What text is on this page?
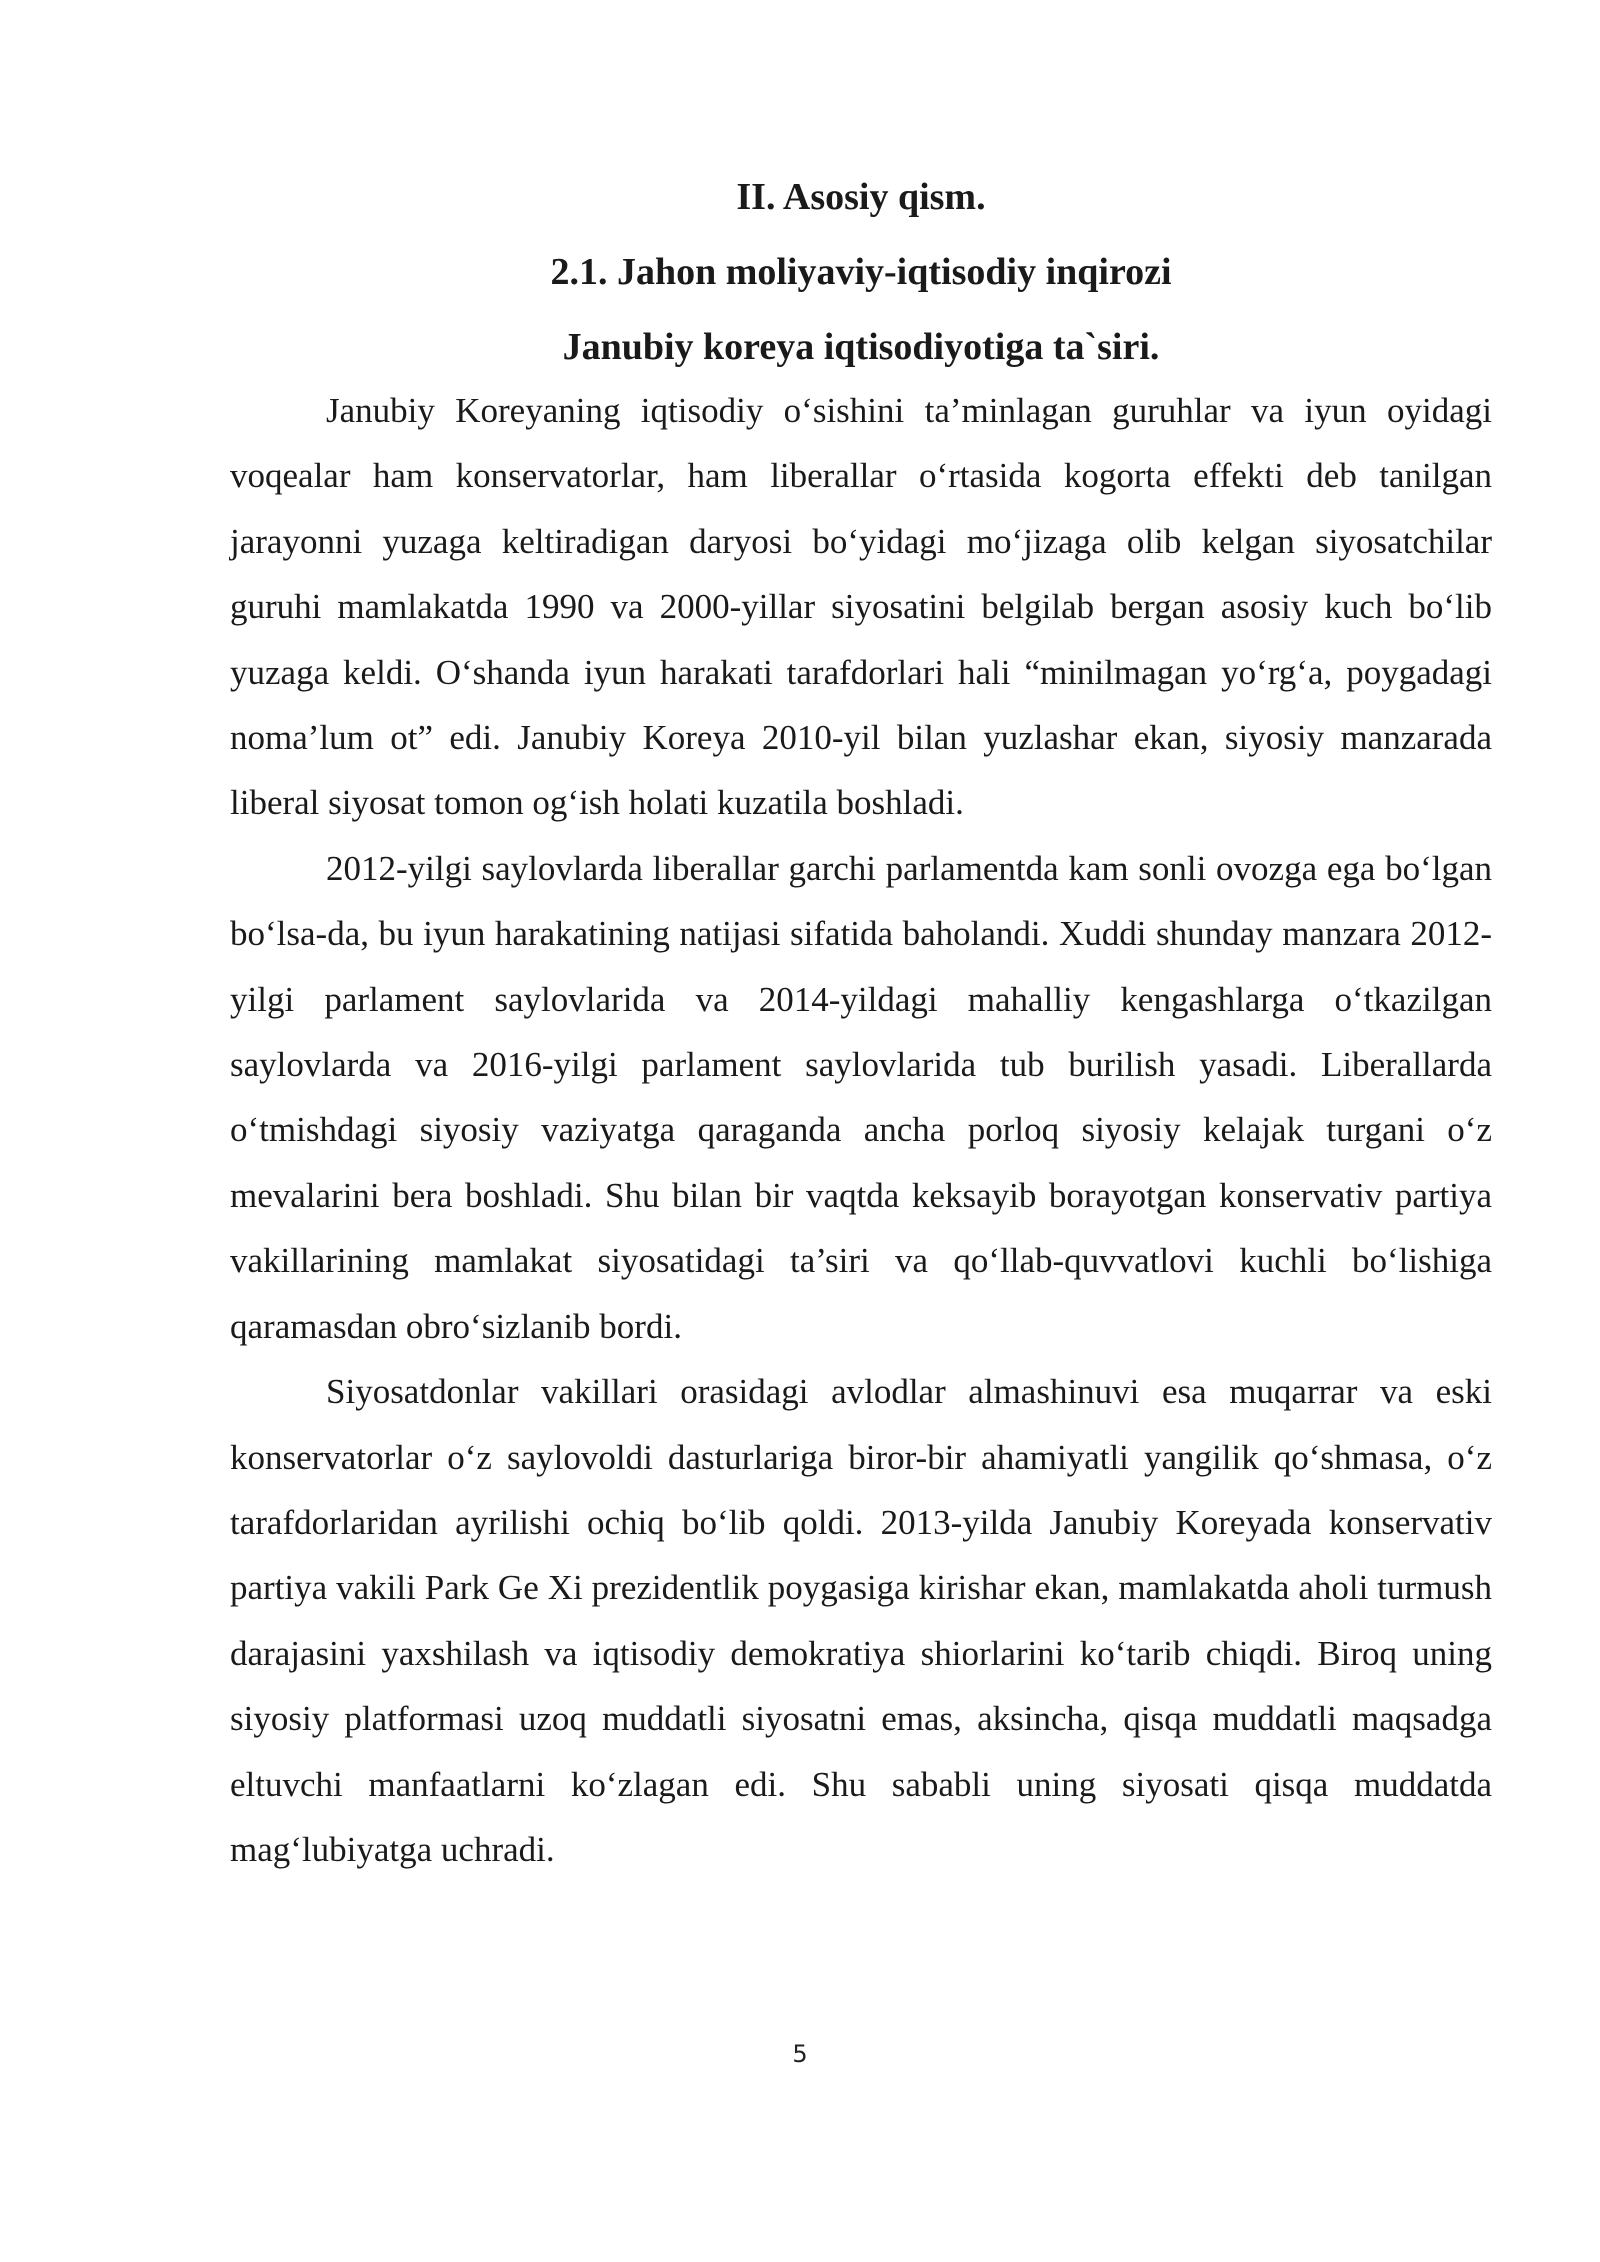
II. Asosiy qism.
2.1. Jahon moliyaviy-iqtisodiy inqirozi
Janubiy koreya iqtisodiyotiga ta`siri.

Janubiy Koreyaning iqtisodiy o‘sishini ta’minlagan guruhlar va iyun oyidagi voqealar ham konservatorlar, ham liberallar o‘rtasida kogorta effekti deb tanilgan jarayonni yuzaga keltiradigan daryosi bo‘yidagi mo‘jizaga olib kelgan siyosatchilar guruhi mamlakatda 1990 va 2000-yillar siyosatini belgilab bergan asosiy kuch bo‘lib yuzaga keldi. O‘shanda iyun harakati tarafdorlari hali “minilmagan yo‘rg‘a, poygadagi noma’lum ot” edi. Janubiy Koreya 2010-yil bilan yuzlashar ekan, siyosiy manzarada liberal siyosat tomon og‘ish holati kuzatila boshladi.

2012-yilgi saylovlarda liberallar garchi parlamentda kam sonli ovozga ega bo‘lgan bo‘lsa-da, bu iyun harakatining natijasi sifatida baholandi. Xuddi shunday manzara 2012-yilgi parlament saylovlarida va 2014-yildagi mahalliy kengashlarga o‘tkazilgan saylovlarda va 2016-yilgi parlament saylovlarida tub burilish yasadi. Liberallarda o‘tmishdagi siyosiy vaziyatga qaraganda ancha porloq siyosiy kelajak turgani o‘z mevalarini bera boshladi. Shu bilan bir vaqtda keksayib borayotgan konservativ partiya vakillarining mamlakat siyosatidagi ta’siri va qo‘llab-quvvatlovi kuchli bo‘lishiga qaramasdan obro‘sizlanib bordi.

Siyosatdonlar vakillari orasidagi avlodlar almashinuvi esa muqarrar va eski konservatorlar o‘z saylovoldi dasturlariga biror-bir ahamiyatli yangilik qo‘shmasa, o‘z tarafdorlaridan ayrilishi ochiq bo‘lib qoldi. 2013-yilda Janubiy Koreyada konservativ partiya vakili Park Ge Xi prezidentlik poygasiga kirishar ekan, mamlakatda aholi turmush darajasini yaxshilash va iqtisodiy demokratiya shiorlarini ko‘tarib chiqdi. Biroq uning siyosiy platformasi uzoq muddatli siyosatni emas, aksincha, qisqa muddatli maqsadga eltuvchi manfaatlarni ko‘zlagan edi. Shu sababli uning siyosati qisqa muddatda mag‘lubiyatga uchradi.

5
